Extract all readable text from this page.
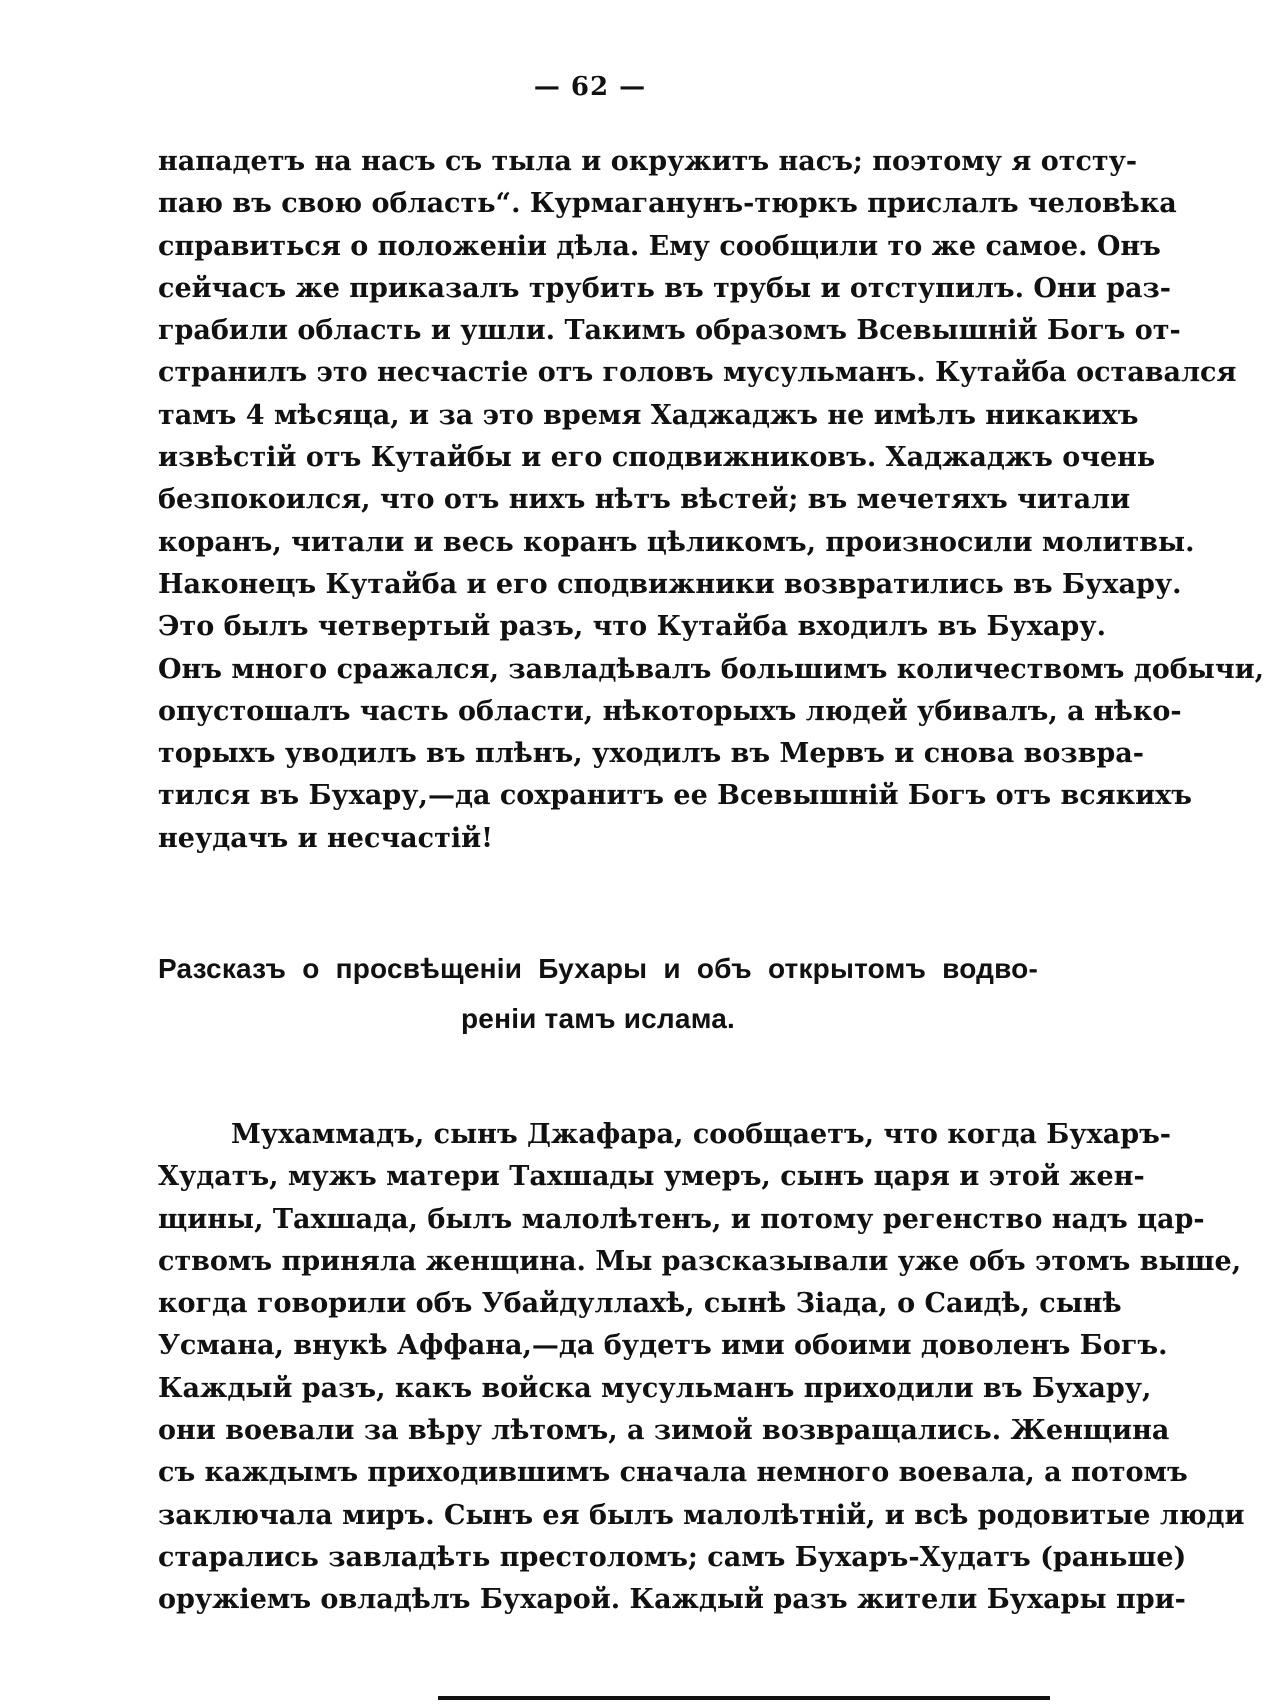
— 62 —
нападетъ на насъ съ тыла и окружитъ насъ; поэтому я отсту-
паю въ свою область“. Курмаганунъ-тюркъ прислалъ человѣка
справиться о положенiи дѣла. Ему сообщили то же самое. Онъ
сейчасъ же приказалъ трубить въ трубы и отступилъ. Они раз-
грабили область и ушли. Такимъ образомъ Всевышнiй Богъ от-
странилъ это несчастiе отъ головъ мусульманъ. Кутайба оставался
тамъ 4 мѣсяца, и за это время Хаджаджъ не имѣлъ никакихъ
извѣстiй отъ Кутайбы и его сподвижниковъ. Хаджаджъ очень
безпокоился, что отъ нихъ нѣтъ вѣстей; въ мечетяхъ читали
коранъ, читали и весь коранъ цѣликомъ, произносили молитвы.
Наконецъ Кутайба и его сподвижники возвратились въ Бухару.
Это былъ четвертый разъ, что Кутайба входилъ въ Бухару.
Онъ много сражался, завладѣвалъ большимъ количествомъ добычи,
опустошалъ часть области, нѣкоторыхъ людей убивалъ, а нѣко-
торыхъ уводилъ въ плѣнъ, уходилъ въ Мервъ и снова возвра-
тился въ Бухару,—да сохранитъ ее Всевышнiй Богъ отъ всякихъ
неудачъ и несчастiй!
Разсказъ о просвѣщенiи Бухары и объ открытомъ водво-
ренiи тамъ ислама.
Мухаммадъ, сынъ Джафара, сообщаетъ, что когда Бухаръ-
Худатъ, мужъ матери Тахшады умеръ, сынъ царя и этой жен-
щины, Тахшада, былъ малолѣтенъ, и потому регенство надъ цар-
ствомъ приняла женщина. Мы разсказывали уже объ этомъ выше,
когда говорили объ Убайдуллахѣ, сынѣ Зiада, о Саидѣ, сынѣ
Усмана, внукѣ Аффана,—да будетъ ими обоими доволенъ Богъ.
Каждый разъ, какъ войска мусульманъ приходили въ Бухару,
они воевали за вѣру лѣтомъ, а зимой возвращались. Женщина
съ каждымъ приходившимъ сначала немного воевала, а потомъ
заключала миръ. Сынъ ея былъ малолѣтнiй, и всѣ родовитые люди
старались завладѣть престоломъ; самъ Бухаръ-Худатъ (раньше)
оружiемъ овладѣлъ Бухарой. Каждый разъ жители Бухары при-
